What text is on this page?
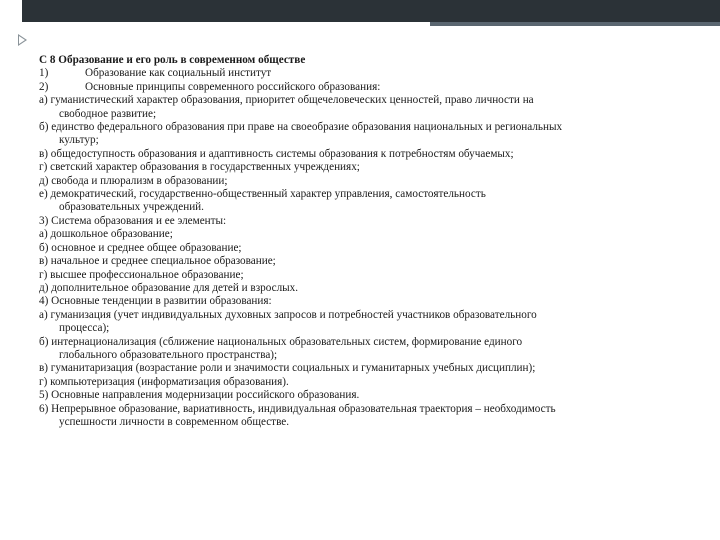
С 8 Образование и его роль в современном обществе
1)	Образование как социальный институт
2)	Основные принципы современного российского образования:
а) гуманистический характер образования, приоритет общечеловеческих ценностей, право личности на
свободное развитие;
б) единство федерального образования при праве на своеобразие образования национальных и региональных
культур;
в) общедоступность образования и адаптивность системы образования к потребностям обучаемых;
г) светский характер образования в государственных учреждениях;
д) свобода и плюрализм в образовании;
е) демократический, государственно-общественный характер управления, самостоятельность
образовательных учреждений.
3) Система образования и ее элементы:
а) дошкольное образование;
б) основное и среднее общее образование;
в) начальное и среднее специальное образование;
г) высшее профессиональное образование;
д) дополнительное образование для детей и взрослых.
4) Основные тенденции в развитии образования:
а) гуманизация (учет индивидуальных духовных запросов и потребностей участников образовательного
процесса);
б) интернационализация (сближение национальных образовательных систем, формирование единого
глобального образовательного пространства);
в) гуманитаризация (возрастание роли и значимости социальных и гуманитарных учебных дисциплин);
г) компьютеризация (информатизация образования).
5) Основные направления модернизации российского образования.
6) Непрерывное образование, вариативность, индивидуальная образовательная траектория – необходимость
успешности личности в современном обществе.
